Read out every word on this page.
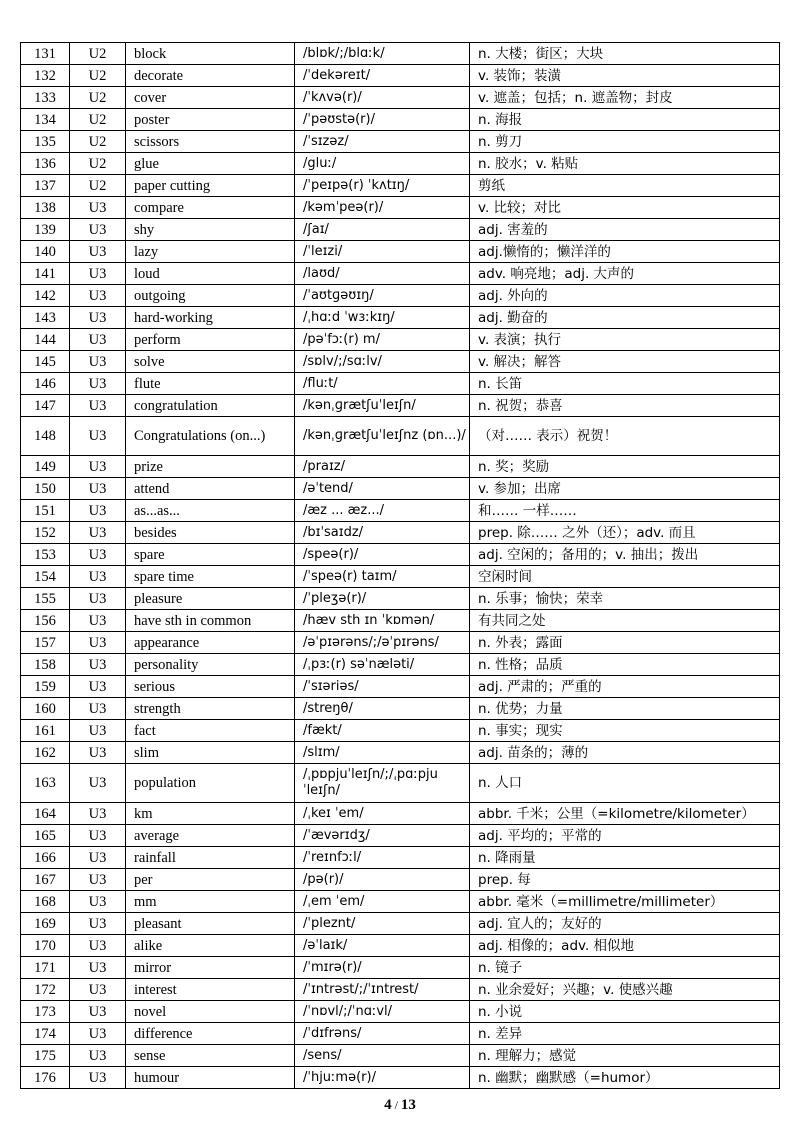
131	U2	block	/blɒk/;/blɑːk/	n. 大楼；街区；大块
132	U2	decorate	/ˈdekəreɪt/	v. 装饰；装潢
133	U2	cover	/ˈkʌvə(r)/	v. 遮盖；包括；n. 遮盖物；封皮
134	U2	poster	/ˈpəʊstə(r)/	n. 海报
135	U2	scissors	/ˈsɪzəz/	n. 剪刀
136	U2	glue	/gluː/	n. 胶水；v. 粘贴
137	U2	paper cutting	/ˈpeɪpə(r) ˈkʌtɪŋ/	剪纸
138	U3	compare	/kəmˈpeə(r)/	v. 比较；对比
139	U3	shy	/ʃaɪ/	adj. 害羞的
140	U3	lazy	/ˈleɪzi/	adj.懒惰的；懒洋洋的
141	U3	loud	/laʊd/	adv. 响亮地；adj. 大声的
142	U3	outgoing	/ˈaʊtɡəʊɪŋ/	adj. 外向的
143	U3	hard-working	/ˌhɑːd ˈwɜːkɪŋ/	adj. 勤奋的
144	U3	perform	/pəˈfɔː(r) m/	v. 表演；执行
145	U3	solve	/sɒlv/;/sɑːlv/	v. 解决；解答
146	U3	flute	/fluːt/	n. 长笛
147	U3	congratulation	/kənˌɡrætʃuˈleɪʃn/	n. 祝贺；恭喜
148	U3	Congratulations (on...)	/kənˌɡrætʃuˈleɪʃnz (ɒn...)/	（对…… 表示）祝贺！
149	U3	prize	/praɪz/	n. 奖；奖励
150	U3	attend	/əˈtend/	v. 参加；出席
151	U3	as...as...	/æz ... æz.../	和…… 一样……
152	U3	besides	/bɪˈsaɪdz/	prep. 除…… 之外（还）；adv. 而且
153	U3	spare	/speə(r)/	adj. 空闲的；备用的；v. 抽出；拨出
154	U3	spare time	/ˈspeə(r) taɪm/	空闲时间
155	U3	pleasure	/ˈpleʒə(r)/	n. 乐事；愉快；荣幸
156	U3	have sth in common	/hæv sth ɪn ˈkɒmən/	有共同之处
157	U3	appearance	/əˈpɪərəns/;/əˈpɪrəns/	n. 外表；露面
158	U3	personality	/ˌpɜː(r) səˈnæləti/	n. 性格；品质
159	U3	serious	/ˈsɪəriəs/	adj. 严肃的；严重的
160	U3	strength	/streŋθ/	n. 优势；力量
161	U3	fact	/fækt/	n. 事实；现实
162	U3	slim	/slɪm/	adj. 苗条的；薄的
163	U3	population	/ˌpɒpjuˈleɪʃn/;/ˌpɑːpjuˈleɪʃn/	n. 人口
164	U3	km	/ˌkeɪ ˈem/	abbr. 千米；公里（=kilometre/kilometer）
165	U3	average	/ˈævərɪdʒ/	adj. 平均的；平常的
166	U3	rainfall	/ˈreɪnfɔːl/	n. 降雨量
167	U3	per	/pə(r)/	prep. 每
168	U3	mm	/ˌem ˈem/	abbr. 毫米（=millimetre/millimeter）
169	U3	pleasant	/ˈpleznt/	adj. 宜人的；友好的
170	U3	alike	/əˈlaɪk/	adj. 相像的；adv. 相似地
171	U3	mirror	/ˈmɪrə(r)/	n. 镜子
172	U3	interest	/ˈɪntrəst/;/ˈɪntrest/	n. 业余爱好；兴趣；v. 使感兴趣
173	U3	novel	/ˈnɒvl/;/ˈnɑːvl/	n. 小说
174	U3	difference	/ˈdɪfrəns/	n. 差异
175	U3	sense	/sens/	n. 理解力；感觉
176	U3	humour	/ˈhjuːmə(r)/	n. 幽默；幽默感（=humor）
4 / 13
